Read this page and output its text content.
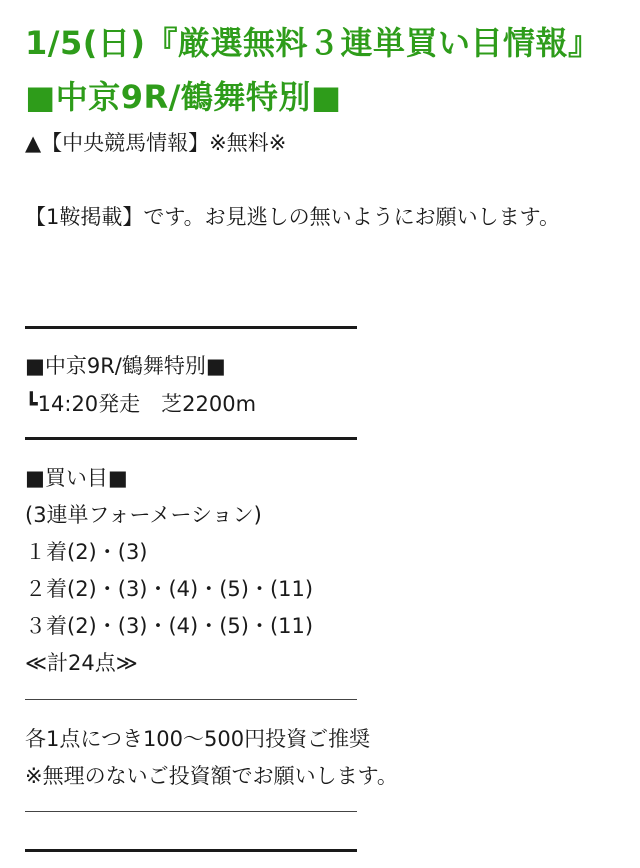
1/5(日)『厳選無料３連単買い目情報』■中京9R/鶴舞特別■
▲【中央競馬情報】※無料※

【1鞍掲載】です。お見逃しの無いようにお願いします。

■中京9R/鶴舞特別■
┗14:20発走　芝2200m
■買い目■
(3連単フォーメーション)
１着(2)・(3)
２着(2)・(3)・(4)・(5)・(11)
３着(2)・(3)・(4)・(5)・(11)
≪計24点≫
各1点につき100〜500円投資ご推奨
※無理のないご投資額でお願いします。
